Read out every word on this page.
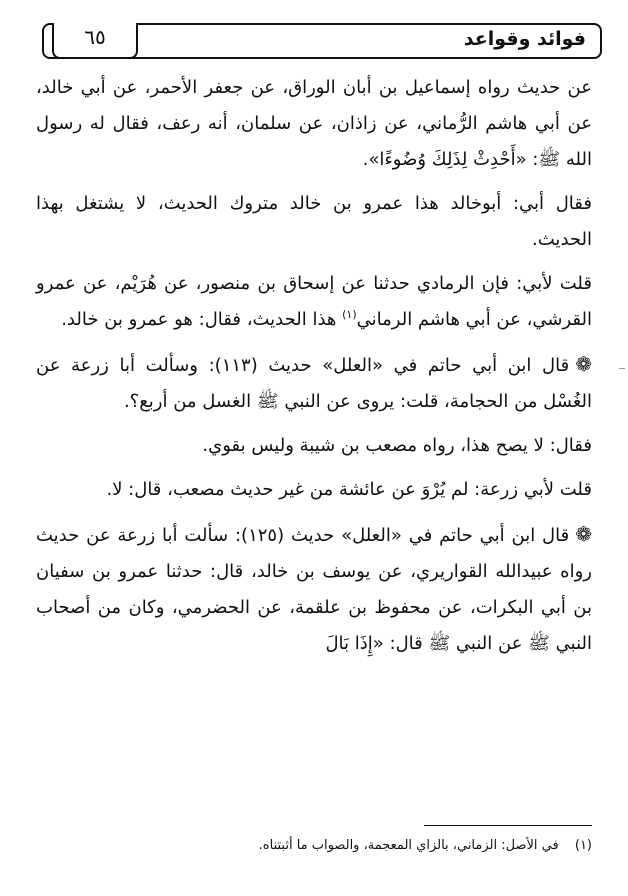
٦٥	فوائد وقواعد

عن حديث رواه إسماعيل بن أبان الوراق، عن جعفر الأحمر، عن أبي خالد، عن أبي هاشم الرُّماني، عن زاذان، عن سلمان، أنه رعف، فقال له رسول الله ﷺ: «أَحْدِثْ لِذَلِكَ وُضُوءًا».

فقال أبي: أبوخالد هذا عمرو بن خالد متروك الحديث، لا يشتغل بهذا الحديث.

قلت لأبي: فإن الرمادي حدثنا عن إسحاق بن منصور، عن هُرَيْم، عن عمرو القرشي، عن أبي هاشم الرماني$^{(١)}$ هذا الحديث، فقال: هو عمرو بن خالد.

❁قال ابن أبي حاتم في «العلل» حديث (١١٣): وسألت أبا زرعة عن الغُسْل من الحجامة، قلت: يروى عن النبي ﷺ الغسل من أربع؟.

فقال: لا يصح هذا، رواه مصعب بن شيبة وليس بقوي.

قلت لأبي زرعة: لم يُرْوَ عن عائشة من غير حديث مصعب، قال: لا.

❁قال ابن أبي حاتم في «العلل» حديث (١٢٥): سألت أبا زرعة عن حديث رواه عبيدالله القواريري، عن يوسف بن خالد، قال: حدثنا عمرو بن سفيان بن أبي البكرات، عن محفوظ بن علقمة، عن الحضرمي، وكان من أصحاب النبي ﷺ عن النبي ﷺ قال: «إِذَا بَالَ

(١) في الأصل: الزماني، بالزاي المعجمة، والصواب ما أثبتناه.
